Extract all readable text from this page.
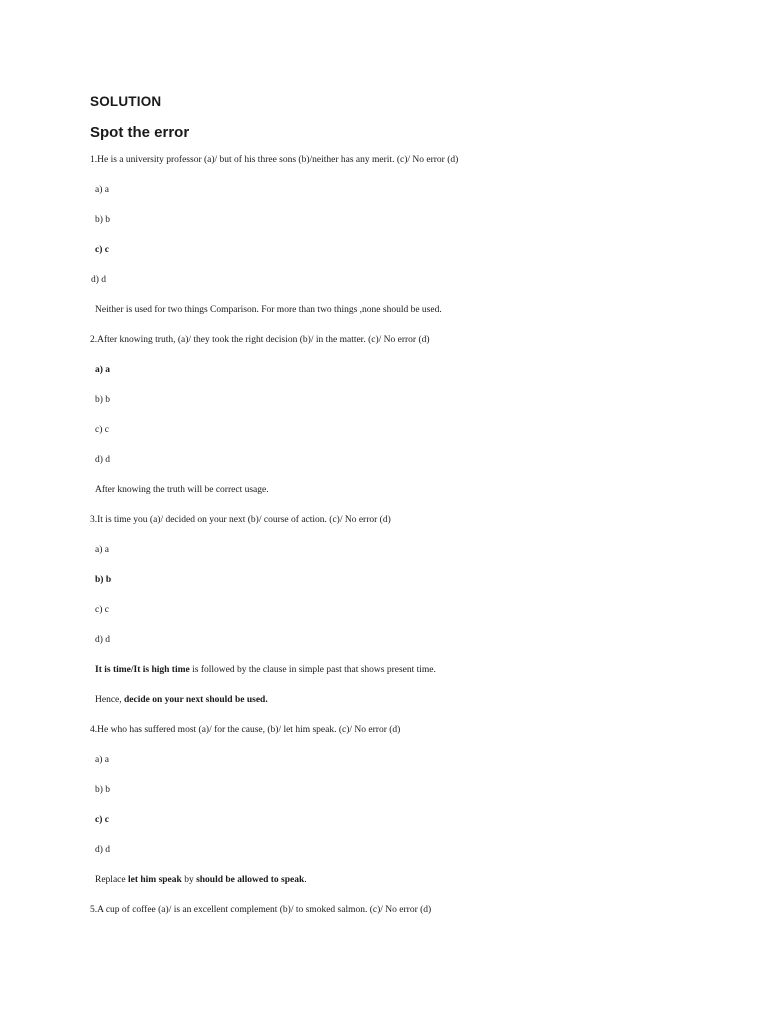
SOLUTION
Spot the error
1.He is a university professor (a)/ but of his three sons (b)/neither has any merit. (c)/ No error (d)
a) a
b) b
c) c
d) d
Neither is used for two things Comparison. For more than two things ,none should be used.
2.After knowing truth, (a)/ they took the right decision (b)/ in the matter. (c)/ No error (d)
a) a
b) b
c) c
d) d
After knowing the truth will be correct usage.
3.It is time you (a)/ decided on your next (b)/ course of action. (c)/ No error (d)
a) a
b) b
c) c
d) d
It is time/It is high time is followed by the clause in simple past that shows present time.
Hence, decide on your next should be used.
4.He who has suffered most (a)/ for the cause, (b)/ let him speak. (c)/ No error (d)
a) a
b) b
c) c
d) d
Replace let him speak by should be allowed to speak.
5.A cup of coffee (a)/ is an excellent complement (b)/ to smoked salmon. (c)/ No error (d)
